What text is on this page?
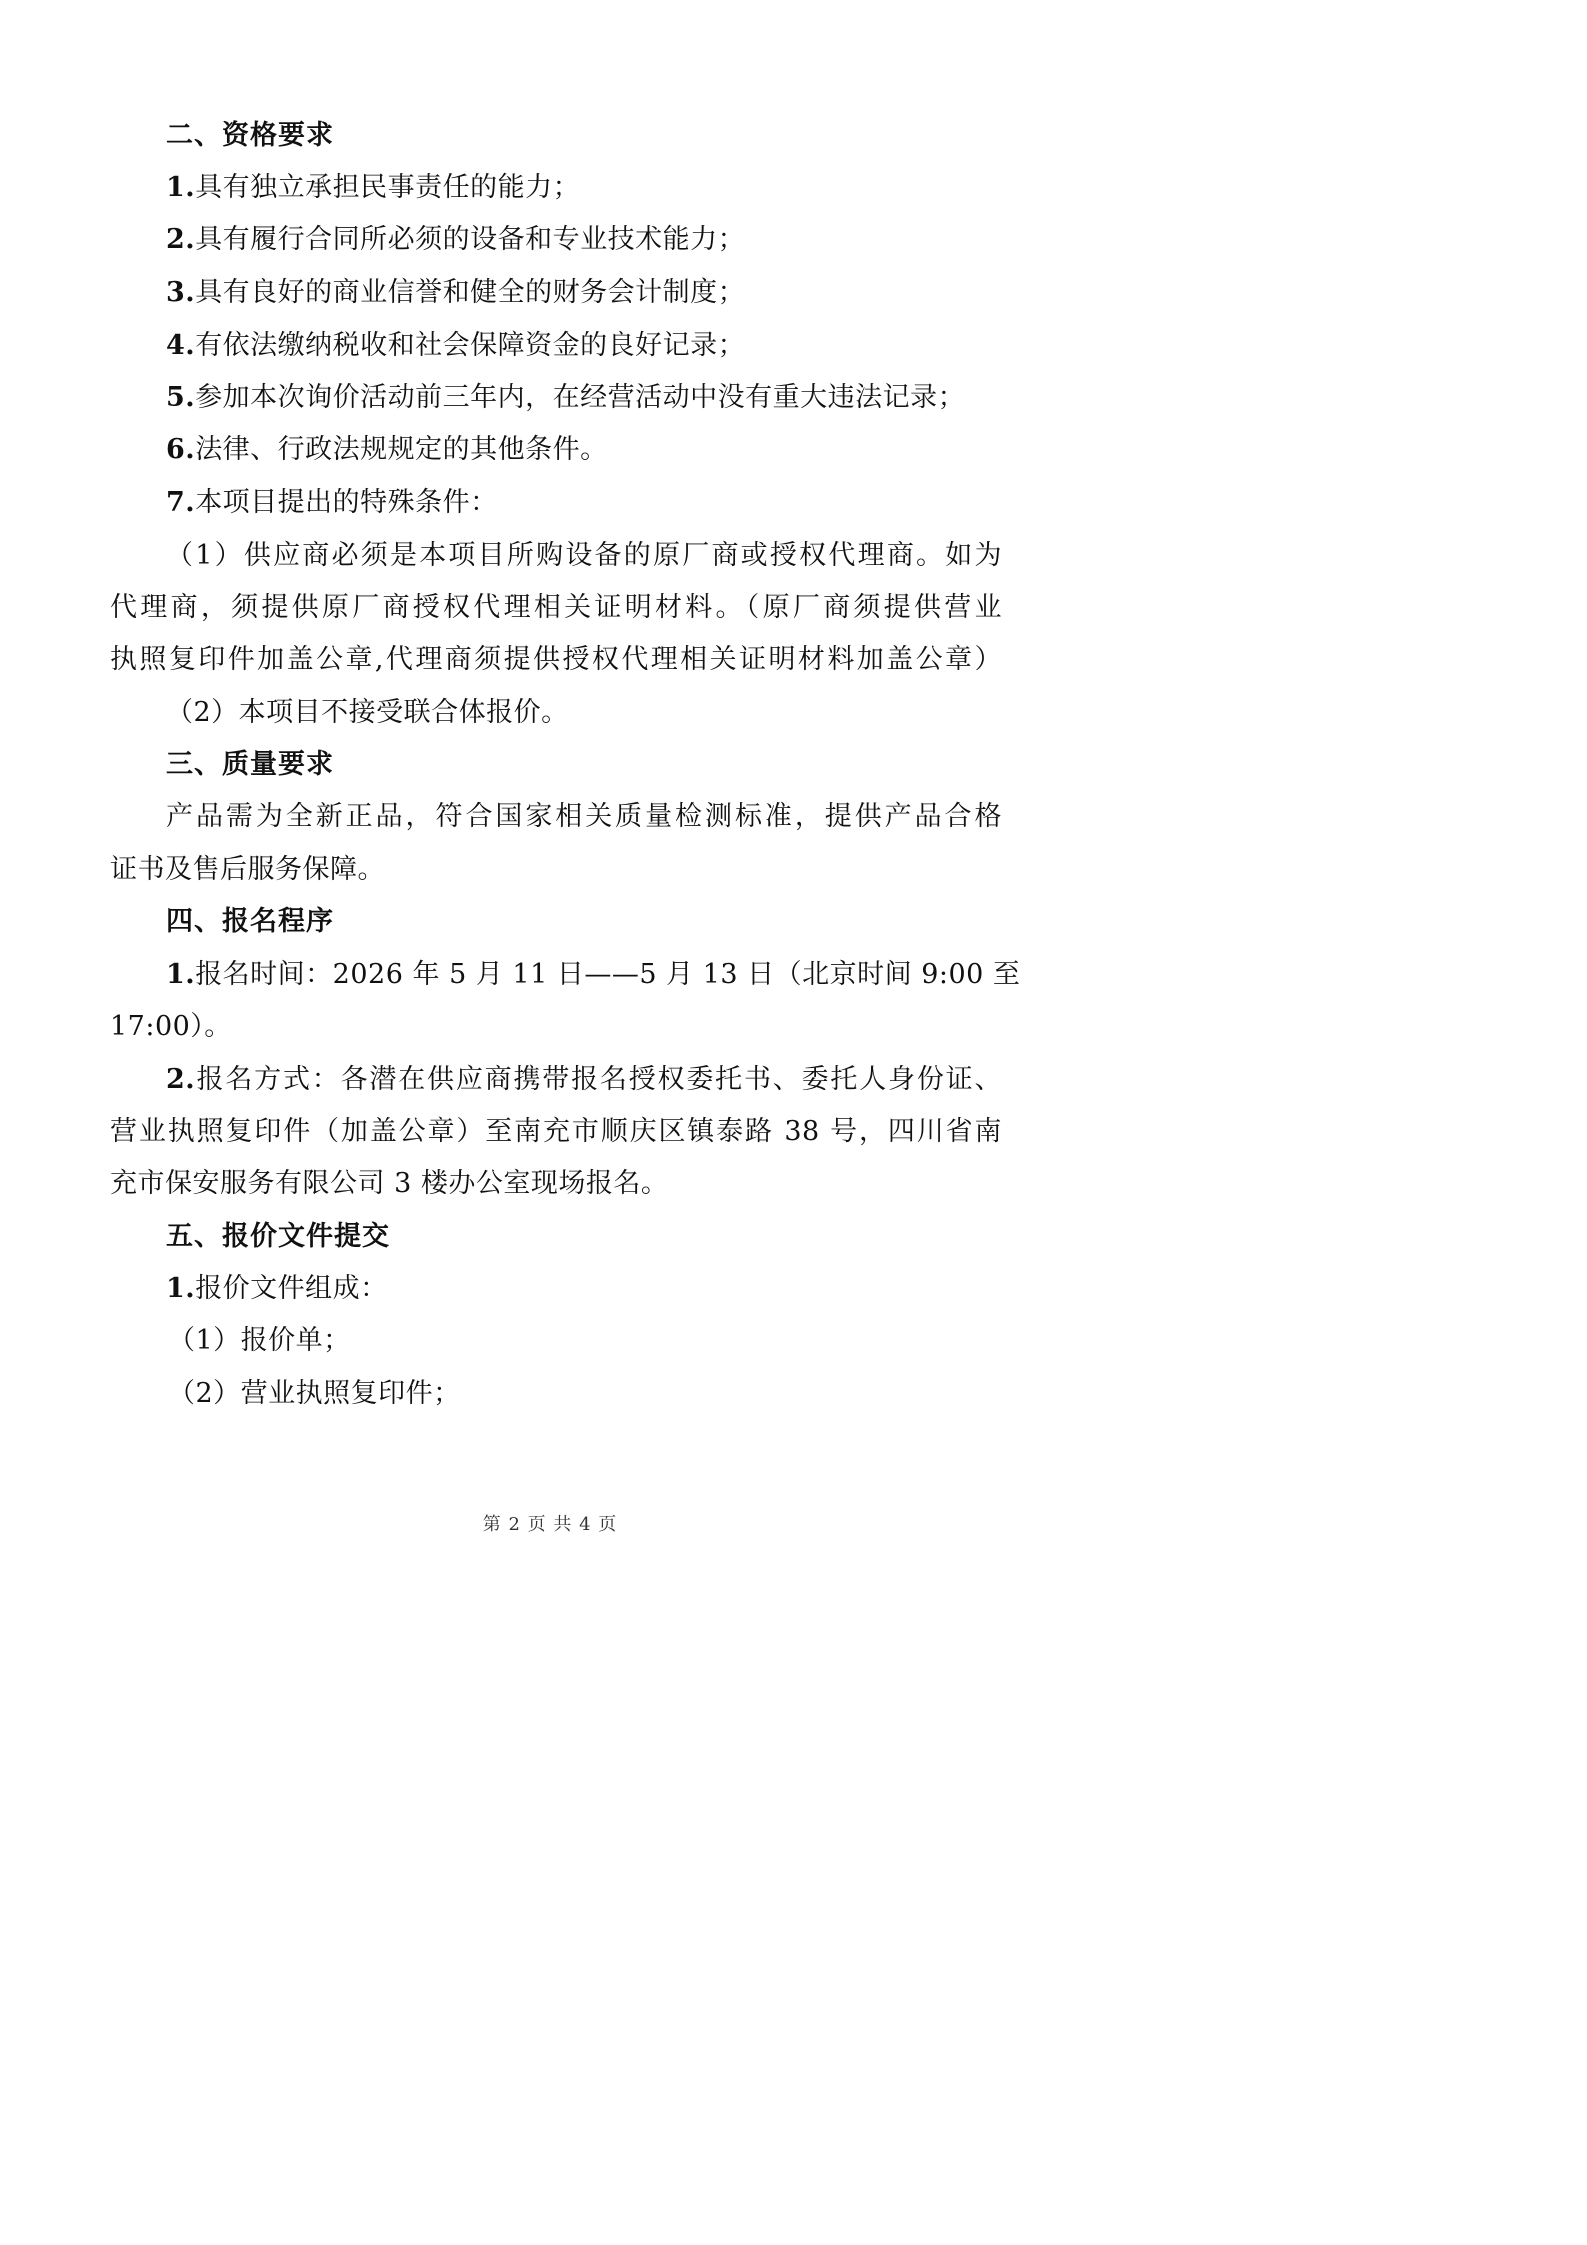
二、资格要求
1.具有独立承担民事责任的能力；
2.具有履行合同所必须的设备和专业技术能力；
3.具有良好的商业信誉和健全的财务会计制度；
4.有依法缴纳税收和社会保障资金的良好记录；
5.参加本次询价活动前三年内，在经营活动中没有重大违法记录；
6.法律、行政法规规定的其他条件。
7.本项目提出的特殊条件：
（1）供应商必须是本项目所购设备的原厂商或授权代理商。如为
代理商，须提供原厂商授权代理相关证明材料。（原厂商须提供营业
执照复印件加盖公章,代理商须提供授权代理相关证明材料加盖公章）
（2）本项目不接受联合体报价。
三、质量要求
产品需为全新正品，符合国家相关质量检测标准，提供产品合格
证书及售后服务保障。
四、报名程序
1.报名时间：2026 年 5 月 11 日——5 月 13 日（北京时间 9:00 至
17:00）。
2.报名方式：各潜在供应商携带报名授权委托书、委托人身份证、
营业执照复印件（加盖公章）至南充市顺庆区镇泰路 38 号，四川省南
充市保安服务有限公司 3 楼办公室现场报名。
五、报价文件提交
1.报价文件组成：
（1）报价单；
（2）营业执照复印件；
第 2 页 共 4 页
